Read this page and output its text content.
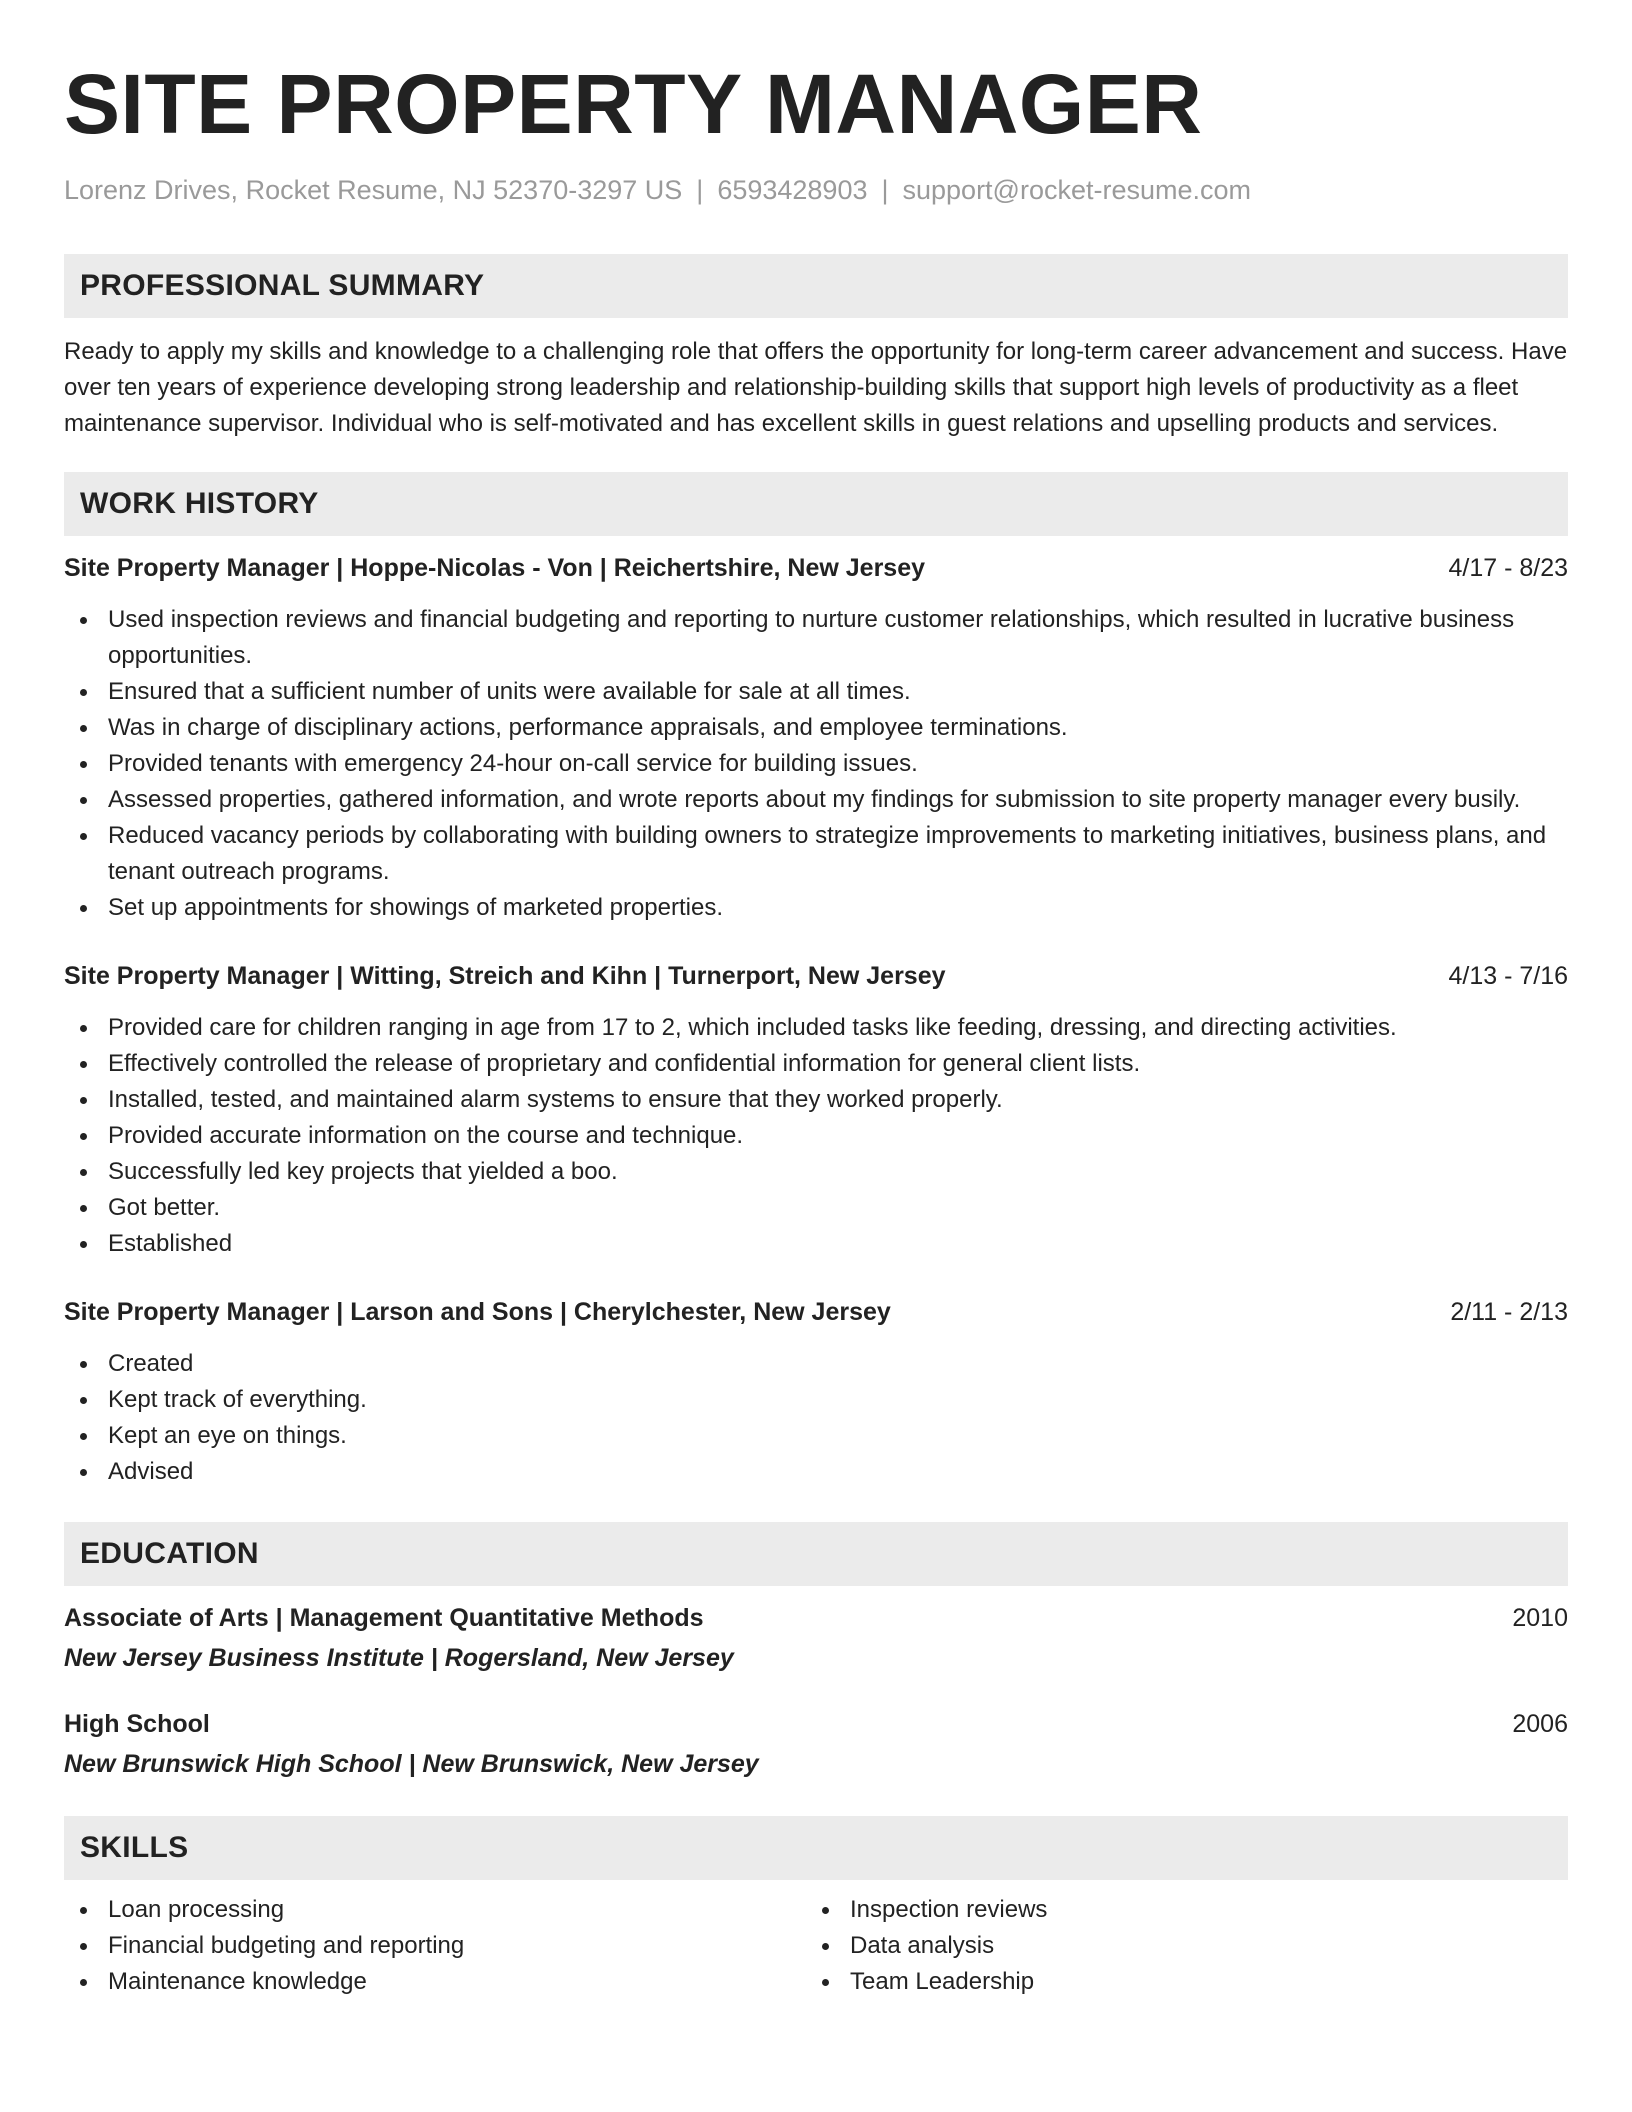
SITE PROPERTY MANAGER
Lorenz Drives, Rocket Resume, NJ 52370-3297 US | 6593428903 | support@rocket-resume.com
PROFESSIONAL SUMMARY

Ready to apply my skills and knowledge to a challenging role that offers the opportunity for long-term career advancement and success. Have over ten years of experience developing strong leadership and relationship-building skills that support high levels of productivity as a fleet maintenance supervisor. Individual who is self-motivated and has excellent skills in guest relations and upselling products and services.

WORK HISTORY
Site Property Manager | Hoppe-Nicolas - Von | Reichertshire, New Jersey	4/17 - 8/23
Used inspection reviews and financial budgeting and reporting to nurture customer relationships, which resulted in lucrative business opportunities.
Ensured that a sufficient number of units were available for sale at all times.
Was in charge of disciplinary actions, performance appraisals, and employee terminations.
Provided tenants with emergency 24-hour on-call service for building issues.
Assessed properties, gathered information, and wrote reports about my findings for submission to site property manager every busily.
Reduced vacancy periods by collaborating with building owners to strategize improvements to marketing initiatives, business plans, and tenant outreach programs.
Set up appointments for showings of marketed properties.
Site Property Manager | Witting, Streich and Kihn | Turnerport, New Jersey	4/13 - 7/16
Provided care for children ranging in age from 17 to 2, which included tasks like feeding, dressing, and directing activities.
Effectively controlled the release of proprietary and confidential information for general client lists.
Installed, tested, and maintained alarm systems to ensure that they worked properly.
Provided accurate information on the course and technique.
Successfully led key projects that yielded a boo.
Got better.
Established
Site Property Manager | Larson and Sons | Cherylchester, New Jersey	2/11 - 2/13
Created
Kept track of everything.
Kept an eye on things.
Advised
EDUCATION
Associate of Arts | Management Quantitative Methods	2010
New Jersey Business Institute | Rogersland, New Jersey
High School	2006
New Brunswick High School | New Brunswick, New Jersey
SKILLS
Loan processing
Financial budgeting and reporting
Maintenance knowledge
Inspection reviews
Data analysis
Team Leadership
